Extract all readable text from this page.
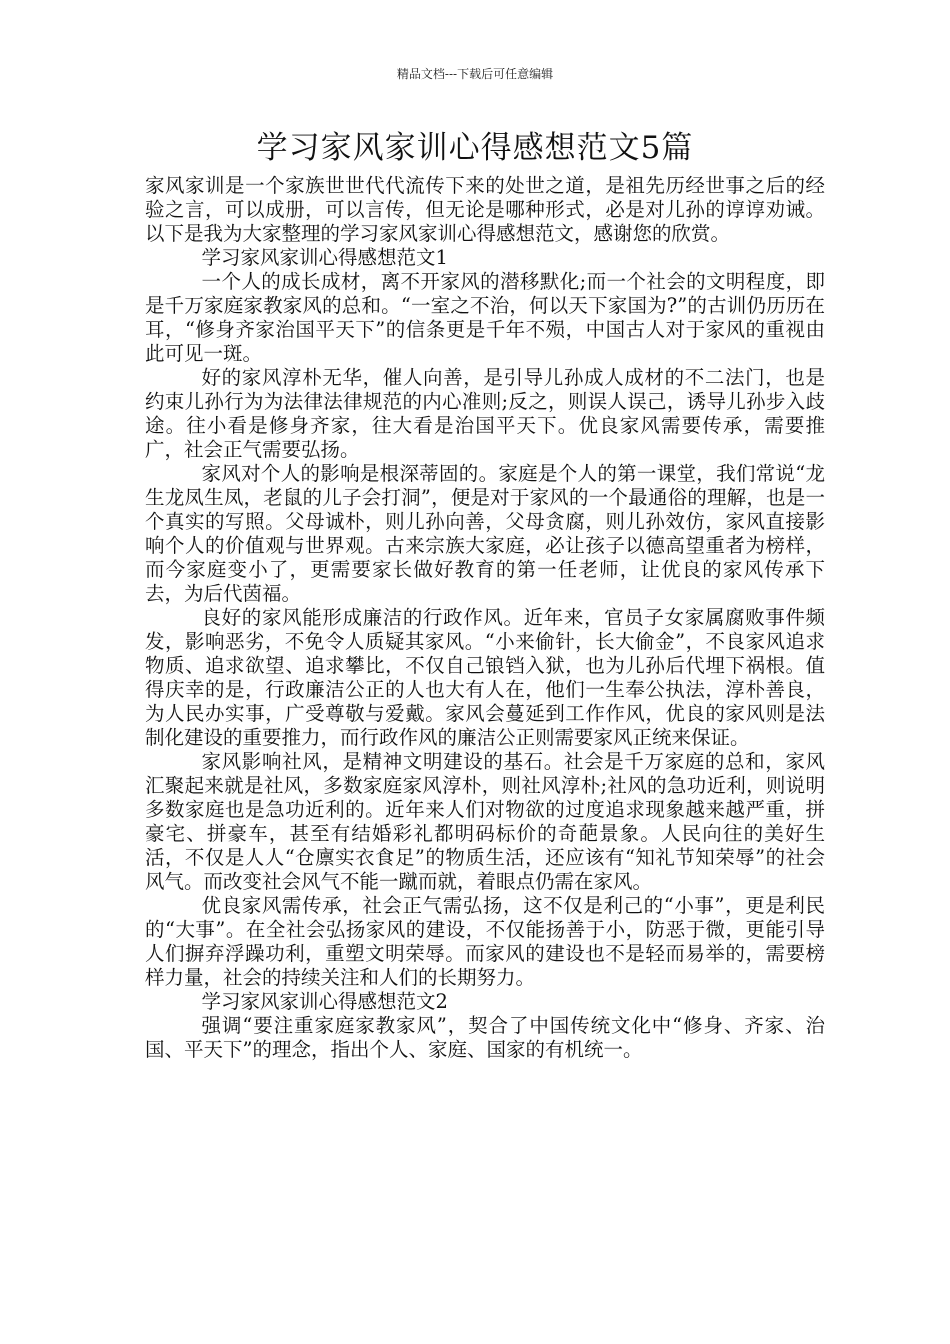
精品文档---下载后可任意编辑
学习家风家训心得感想范文5篇

家风家训是一个家族世世代代流传下来的处世之道，是祖先历经世事之后的经验之言，可以成册，可以言传，但无论是哪种形式，必是对儿孙的谆谆劝诫。以下是我为大家整理的学习家风家训心得感想范文，感谢您的欣赏。

学习家风家训心得感想范文1

一个人的成长成材，离不开家风的潜移默化;而一个社会的文明程度，即是千万家庭家教家风的总和。“一室之不治，何以天下家国为?”的古训仍历历在耳，“修身齐家治国平天下”的信条更是千年不殒，中国古人对于家风的重视由此可见一斑。

好的家风淳朴无华，催人向善，是引导儿孙成人成材的不二法门，也是约束儿孙行为为法律法律规范的内心准则;反之，则误人误己，诱导儿孙步入歧途。往小看是修身齐家，往大看是治国平天下。优良家风需要传承，需要推广，社会正气需要弘扬。

家风对个人的影响是根深蒂固的。家庭是个人的第一课堂，我们常说“龙生龙凤生凤，老鼠的儿子会打洞”，便是对于家风的一个最通俗的理解，也是一个真实的写照。父母诚朴，则儿孙向善，父母贪腐，则儿孙效仿，家风直接影响个人的价值观与世界观。古来宗族大家庭，必让孩子以德高望重者为榜样，而今家庭变小了，更需要家长做好教育的第一任老师，让优良的家风传承下去，为后代茵福。

良好的家风能形成廉洁的行政作风。近年来，官员子女家属腐败事件频发，影响恶劣，不免令人质疑其家风。“小来偷针，长大偷金”，不良家风追求物质、追求欲望、追求攀比，不仅自己锒铛入狱，也为儿孙后代埋下祸根。值得庆幸的是，行政廉洁公正的人也大有人在，他们一生奉公执法，淳朴善良，为人民办实事，广受尊敬与爱戴。家风会蔓延到工作作风，优良的家风则是法制化建设的重要推力，而行政作风的廉洁公正则需要家风正统来保证。

家风影响社风，是精神文明建设的基石。社会是千万家庭的总和，家风汇聚起来就是社风，多数家庭家风淳朴，则社风淳朴;社风的急功近利，则说明多数家庭也是急功近利的。近年来人们对物欲的过度追求现象越来越严重，拼豪宅、拼豪车，甚至有结婚彩礼都明码标价的奇葩景象。人民向往的美好生活，不仅是人人“仓廪实衣食足”的物质生活，还应该有“知礼节知荣辱”的社会风气。而改变社会风气不能一蹴而就，着眼点仍需在家风。

优良家风需传承，社会正气需弘扬，这不仅是利己的“小事”，更是利民的“大事”。在全社会弘扬家风的建设，不仅能扬善于小，防恶于微，更能引导人们摒弃浮躁功利，重塑文明荣辱。而家风的建设也不是轻而易举的，需要榜样力量，社会的持续关注和人们的长期努力。

学习家风家训心得感想范文2

强调“要注重家庭家教家风”，契合了中国传统文化中“修身、齐家、治国、平天下”的理念，指出个人、家庭、国家的有机统一。
